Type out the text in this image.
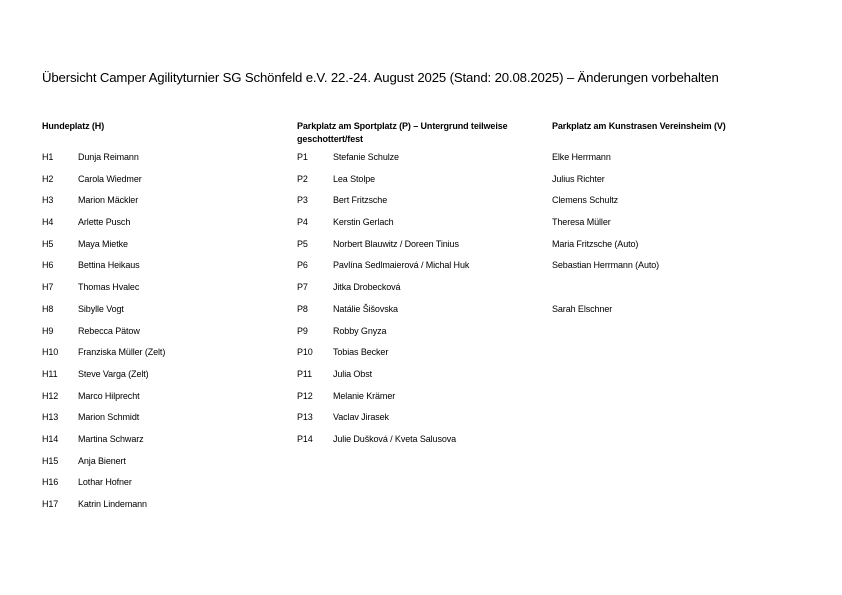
Übersicht Camper Agilityturnier SG Schönfeld e.V. 22.-24. August 2025 (Stand: 20.08.2025) – Änderungen vorbehalten
Hundeplatz (H)
H1	Dunja Reimann
H2	Carola Wiedmer
H3	Marion Mäckler
H4	Arlette Pusch
H5	Maya Mietke
H6	Bettina Heikaus
H7	Thomas Hvalec
H8	Sibylle Vogt
H9	Rebecca Pätow
H10 Franziska Müller (Zelt)
H11 Steve Varga (Zelt)
H12 Marco Hilprecht
H13 Marion Schmidt
H14 Martina Schwarz
H15 Anja Bienert
H16 Lothar Hofner
H17 Katrin Lindemann
Parkplatz am Sportplatz (P) – Untergrund teilweise
geschottert/fest
P1	Stefanie Schulze
P2	Lea Stolpe
P3	Bert Fritzsche
P4	Kerstin Gerlach
P5	Norbert Blauwitz / Doreen Tinius
P6	Pavlína Sedlmaierová / Michal Huk
P7	Jitka Drobecková
P8	Natálie Šišovska
P9	Robby Gnyza
P10 Tobias Becker
P11 Julia Obst
P12 Melanie Krämer
P13 Vaclav Jirasek
P14 Julie Dušková / Kveta Salusova
Parkplatz am Kunstrasen Vereinsheim (V)
Elke Herrmann
Julius Richter
Clemens Schultz
Theresa Müller
Maria Fritzsche (Auto)
Sebastian Herrmann (Auto)
Sarah Elschner
